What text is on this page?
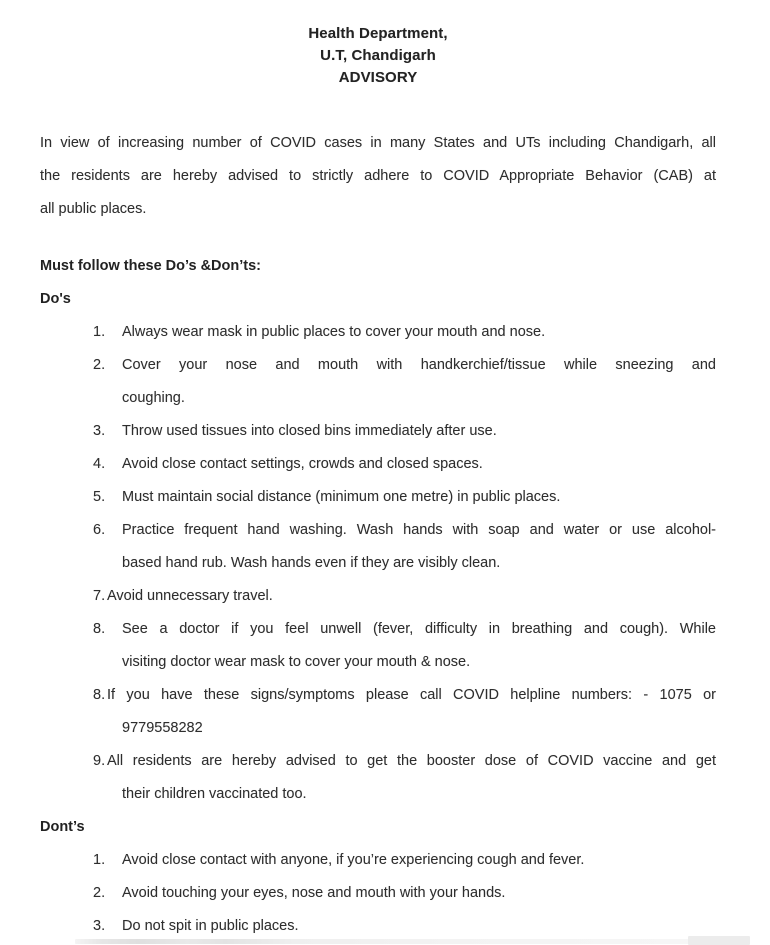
Health Department,
U.T, Chandigarh
ADVISORY
In view of increasing number of COVID cases in many States and UTs including Chandigarh, all
the residents are hereby advised to strictly adhere to COVID Appropriate Behavior (CAB) at
all public places.
Must follow these Do’s &Don’ts:
Do's
1. Always wear mask in public places to cover your mouth and nose.
2. Cover your nose and mouth with handkerchief/tissue while sneezing and
coughing.
3. Throw used tissues into closed bins immediately after use.
4. Avoid close contact settings, crowds and closed spaces.
5. Must maintain social distance (minimum one metre) in public places.
6. Practice frequent hand washing. Wash hands with soap and water or use alcohol-
based hand rub. Wash hands even if they are visibly clean.
7. Avoid unnecessary travel.
8. See a doctor if you feel unwell (fever, difficulty in breathing and cough). While
visiting doctor wear mask to cover your mouth & nose.
8. If you have these signs/symptoms please call COVID helpline numbers: - 1075 or
9779558282
9. All residents are hereby advised to get the booster dose of COVID vaccine and get
their children vaccinated too.
Dont’s
1. Avoid close contact with anyone, if you’re experiencing cough and fever.
2. Avoid touching your eyes, nose and mouth with your hands.
3. Do not spit in public places.
